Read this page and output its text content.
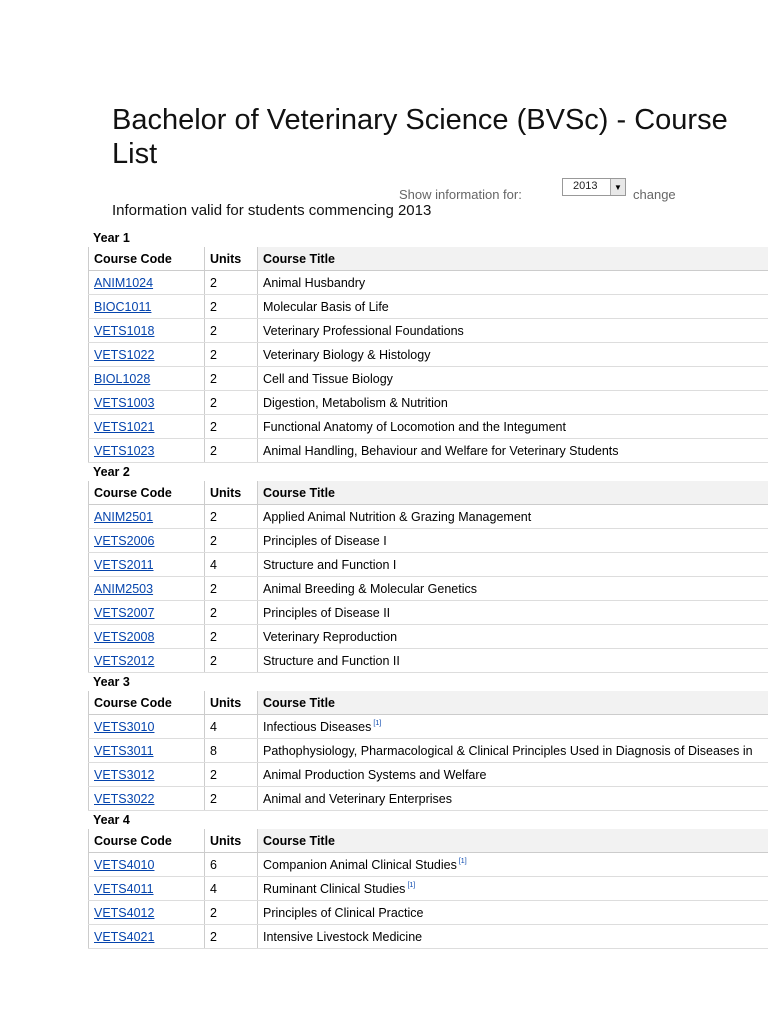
Bachelor of Veterinary Science (BVSc) - Course List
Show information for:
2013	▼ change
Information valid for students commencing 2013
Year 1
Course Code	Units	Course Title
ANIM1024	2	Animal Husbandry
BIOC1011	2	Molecular Basis of Life
VETS1018	2	Veterinary Professional Foundations
VETS1022	2	Veterinary Biology & Histology
BIOL1028	2	Cell and Tissue Biology
VETS1003	2	Digestion, Metabolism & Nutrition
VETS1021	2	Functional Anatomy of Locomotion and the Integument
VETS1023	2	Animal Handling, Behaviour and Welfare for Veterinary Students
Year 2
Course Code	Units	Course Title
ANIM2501	2	Applied Animal Nutrition & Grazing Management
VETS2006	2	Principles of Disease I
VETS2011	4	Structure and Function I
ANIM2503	2	Animal Breeding & Molecular Genetics
VETS2007	2	Principles of Disease II
VETS2008	2	Veterinary Reproduction
VETS2012	2	Structure and Function II
Year 3
Course Code	Units	Course Title
VETS3010	4	Infectious Diseases [1]
VETS3011	8	Pathophysiology, Pharmacological & Clinical Principles Used in Diagnosis of Diseases in
VETS3012	2	Animal Production Systems and Welfare
VETS3022	2	Animal and Veterinary Enterprises
Year 4
Course Code	Units	Course Title
VETS4010	6	Companion Animal Clinical Studies [1]
VETS4011	4	Ruminant Clinical Studies [1]
VETS4012	2	Principles of Clinical Practice
VETS4021	2	Intensive Livestock Medicine
